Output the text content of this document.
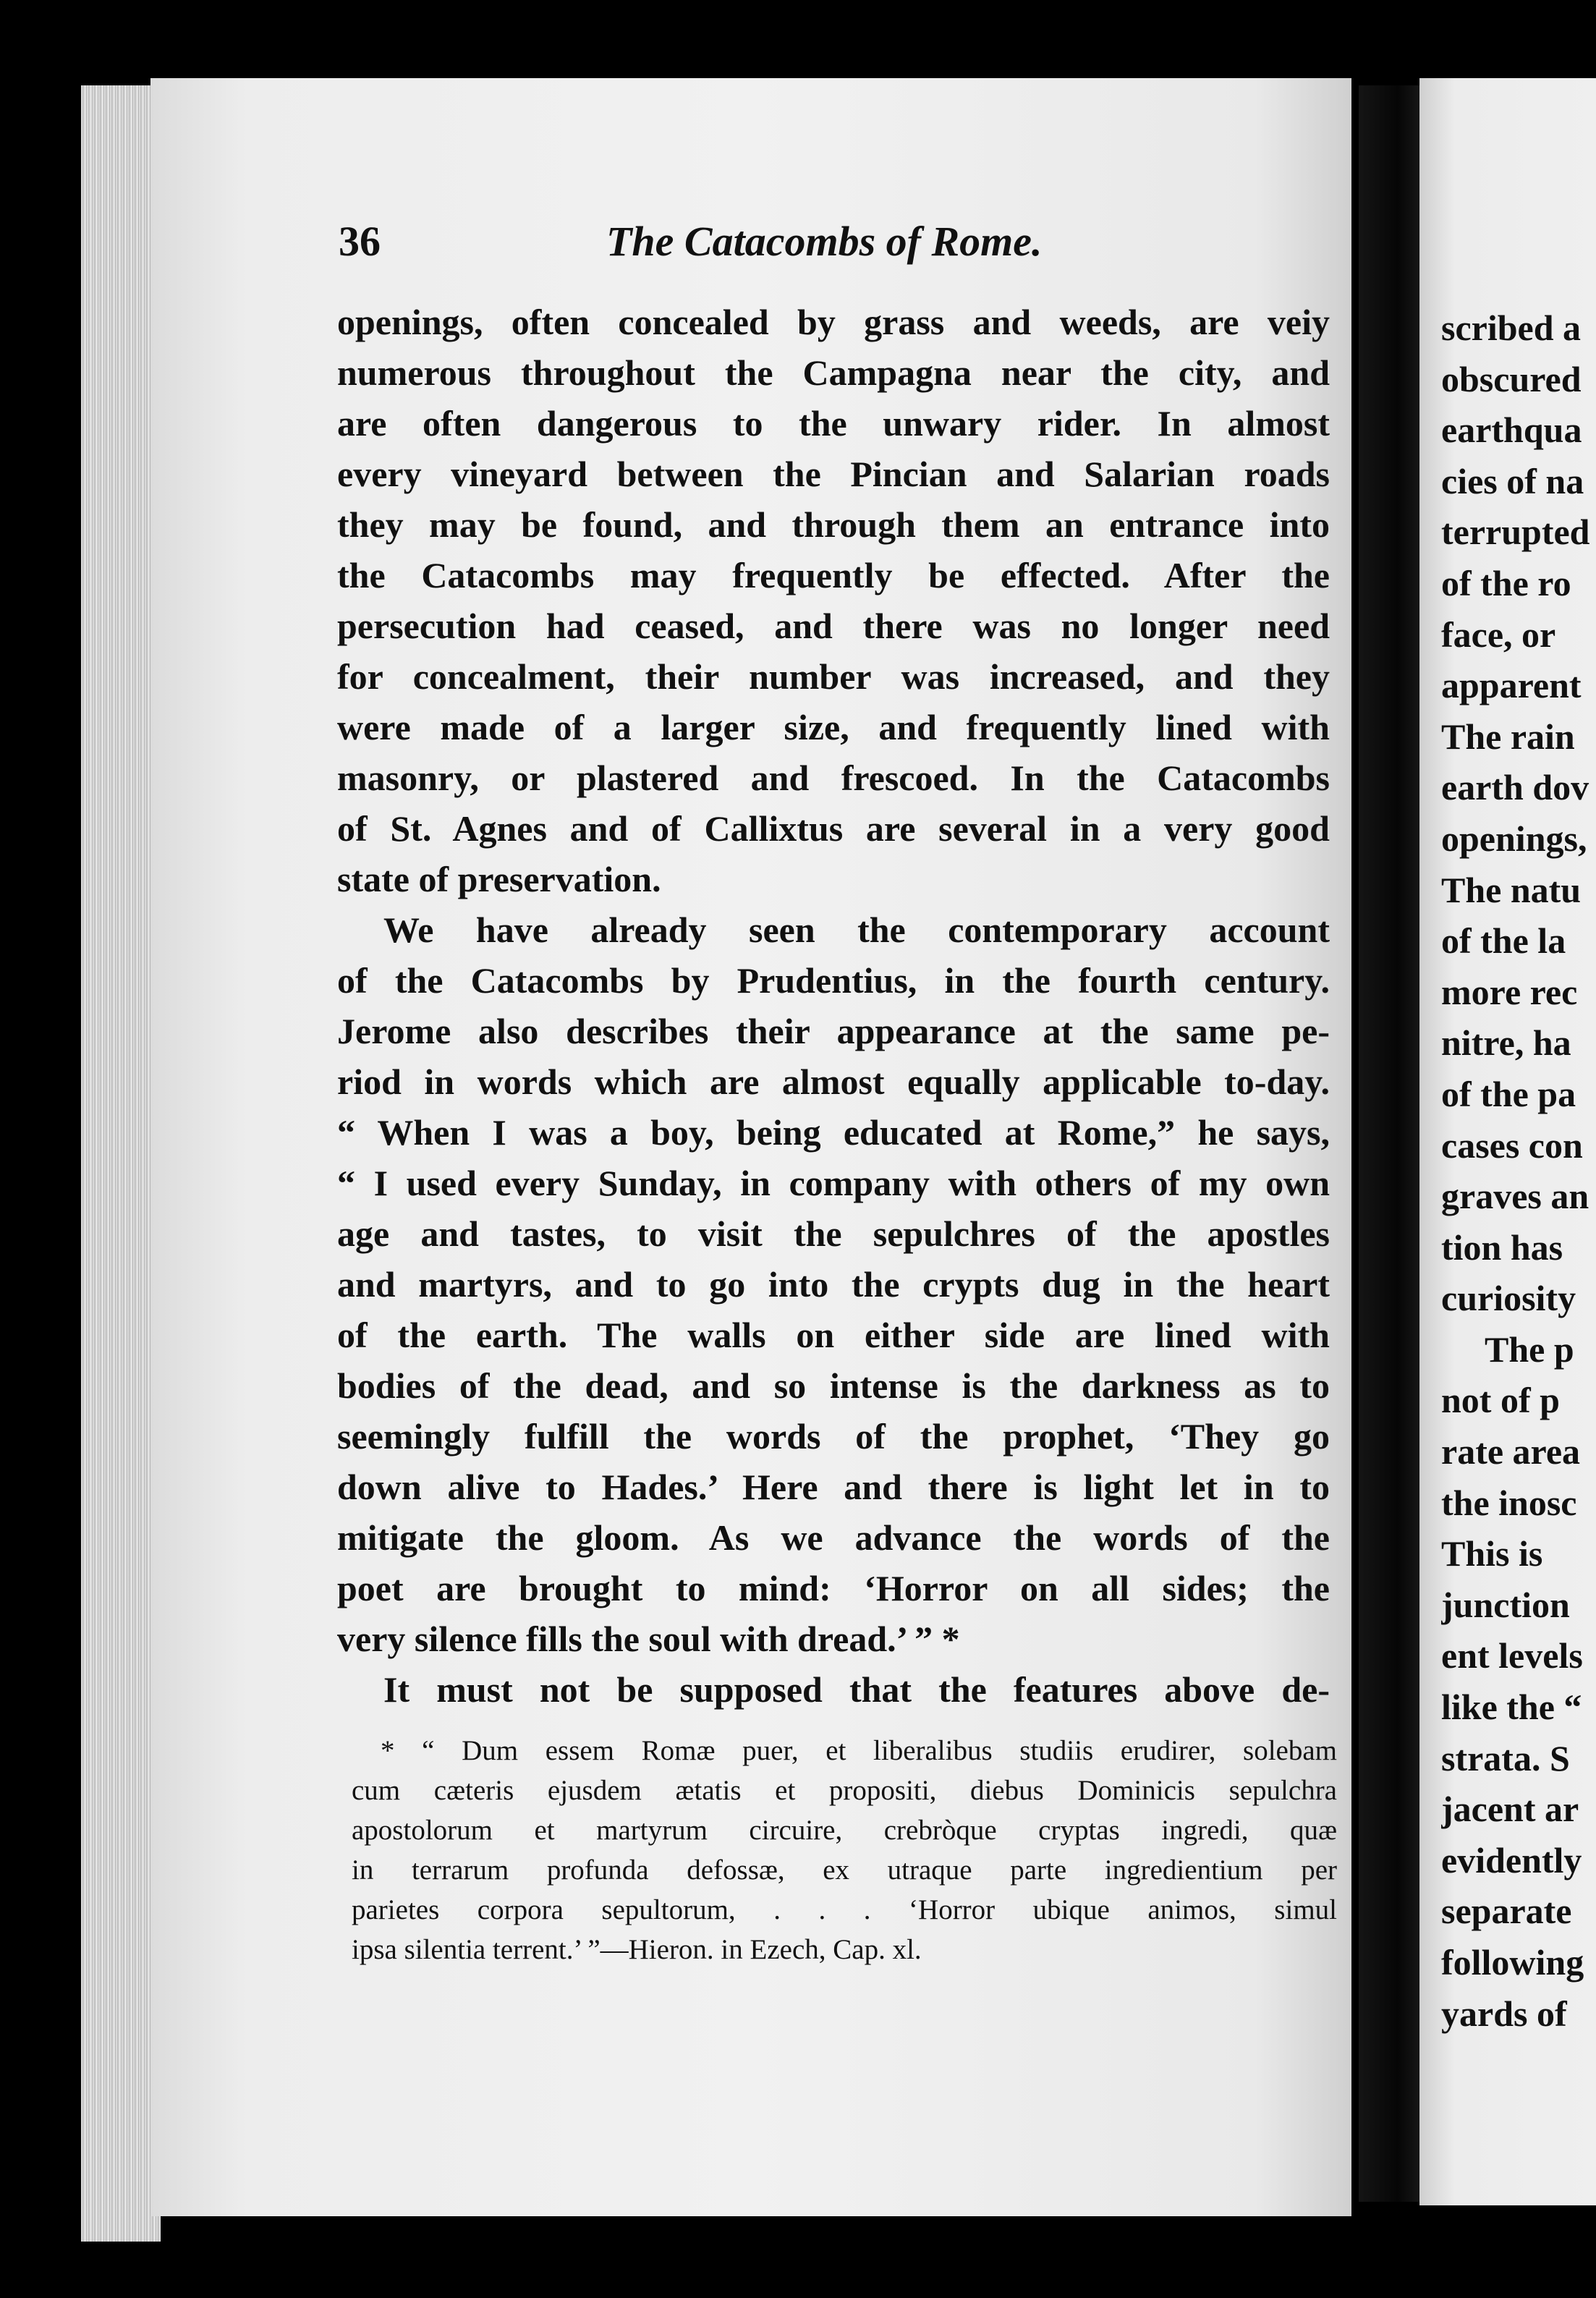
36	The Catacombs of Rome.
openings, often concealed by grass and weeds, are veiy
numerous throughout the Campagna near the city, and
are often dangerous to the unwary rider. In almost
every vineyard between the Pincian and Salarian roads
they may be found, and through them an entrance into
the Catacombs may frequently be effected. After the
persecution had ceased, and there was no longer need
for concealment, their number was increased, and they
were made of a larger size, and frequently lined with
masonry, or plastered and frescoed. In the Catacombs
of St. Agnes and of Callixtus are several in a very good
state of preservation.
We have already seen the contemporary account
of the Catacombs by Prudentius, in the fourth century.
Jerome also describes their appearance at the same pe-
riod in words which are almost equally applicable to-day.
“ When I was a boy, being educated at Rome,” he says,
“ I used every Sunday, in company with others of my own
age and tastes, to visit the sepulchres of the apostles
and martyrs, and to go into the crypts dug in the heart
of the earth. The walls on either side are lined with
bodies of the dead, and so intense is the darkness as to
seemingly fulfill the words of the prophet, ‘They go
down alive to Hades.’ Here and there is light let in to
mitigate the gloom. As we advance the words of the
poet are brought to mind: ‘Horror on all sides; the
very silence fills the soul with dread.’ ” *
It must not be supposed that the features above de-
* “ Dum essem Romæ puer, et liberalibus studiis erudirer, solebam
cum cæteris ejusdem ætatis et propositi, diebus Dominicis sepulchra
apostolorum et martyrum circuire, crebròque cryptas ingredi, quæ
in terrarum profunda defossæ, ex utraque parte ingredientium per
parietes corpora sepultorum, . . . ‘Horror ubique animos, simul
ipsa silentia terrent.’ ”—Hieron. in Ezech, Cap. xl.
scribed a
obscured
earthqua
cies of na
terrupted
of the ro
face, or
apparent
The rain
earth dov
openings,
The natu
of the la
more rec
nitre, ha
of the pa
cases con
graves an
tion has
curiosity
The p
not of p
rate area
the inosc
This is
junction
ent levels
like the “
strata. S
jacent ar
evidently
separate
following
yards of
